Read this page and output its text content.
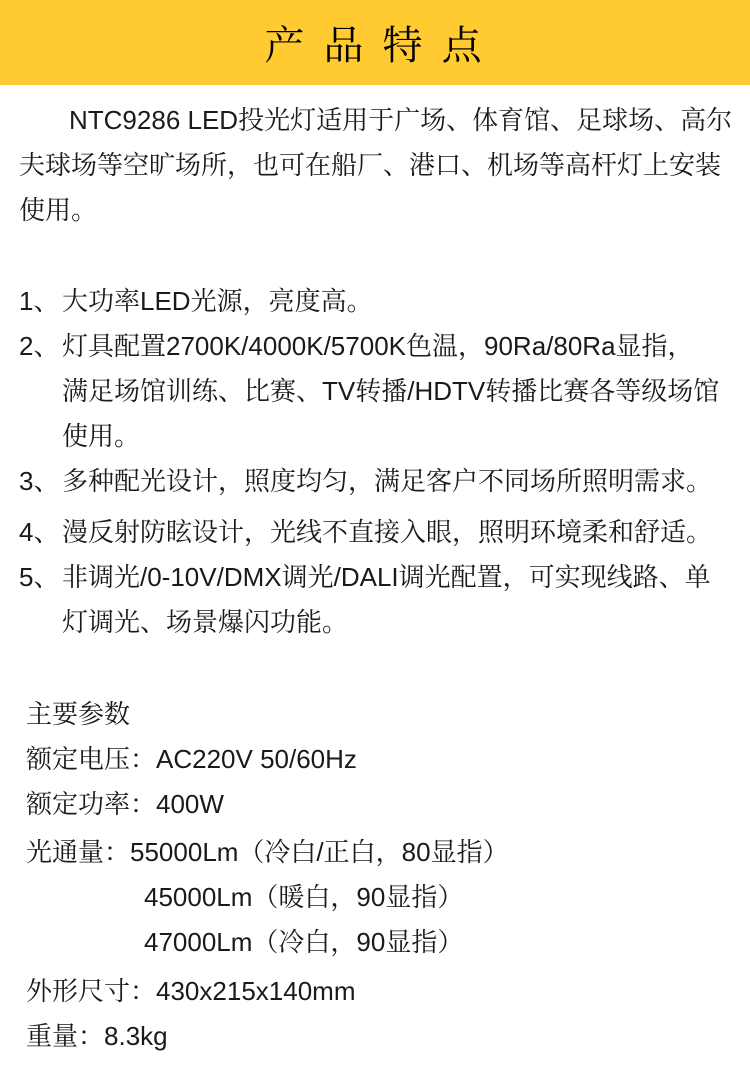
产 品 特 点
NTC9286 LED投光灯适用于广场、体育馆、足球场、高尔
夫球场等空旷场所，也可在船厂、港口、机场等高杆灯上安装
使用。
1、 大功率LED光源，亮度高。
2、 灯具配置2700K/4000K/5700K色温，90Ra/80Ra显指，
满足场馆训练、比赛、TV转播/HDTV转播比赛各等级场馆
使用。
3、 多种配光设计，照度均匀，满足客户不同场所照明需求。
4、 漫反射防眩设计，光线不直接入眼，照明环境柔和舒适。
5、 非调光/0-10V/DMX调光/DALI调光配置，可实现线路、单
灯调光、场景爆闪功能。
主要参数
额定电压：AC220V 50/60Hz
额定功率：400W
光通量：55000Lm（冷白/正白，80显指）
45000Lm（暖白，90显指）
47000Lm（冷白，90显指）
外形尺寸：430x215x140mm
重量：8.3kg
